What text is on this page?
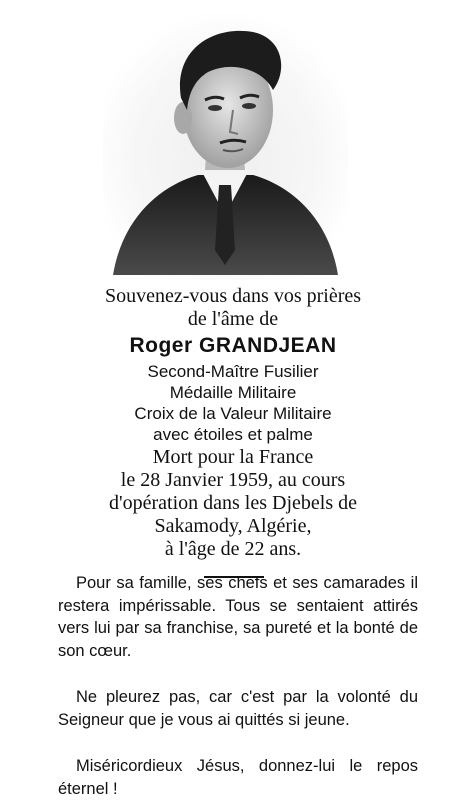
Souvenez-vous dans vos prières
de l'âme de
Roger GRANDJEAN
Second-Maître Fusilier
Médaille Militaire
Croix de la Valeur Militaire
avec étoiles et palme
Mort pour la France
le 28 Janvier 1959, au cours
d'opération dans les Djebels de
Sakamody, Algérie,
à l'âge de 22 ans.

Pour sa famille, ses chefs et ses camarades il restera impérissable. Tous se sentaient attirés vers lui par sa franchise, sa pureté et la bonté de son cœur.

Ne pleurez pas, car c'est par la volonté du Seigneur que je vous ai quittés si jeune.

Miséricordieux Jésus, donnez-lui le repos éternel !
